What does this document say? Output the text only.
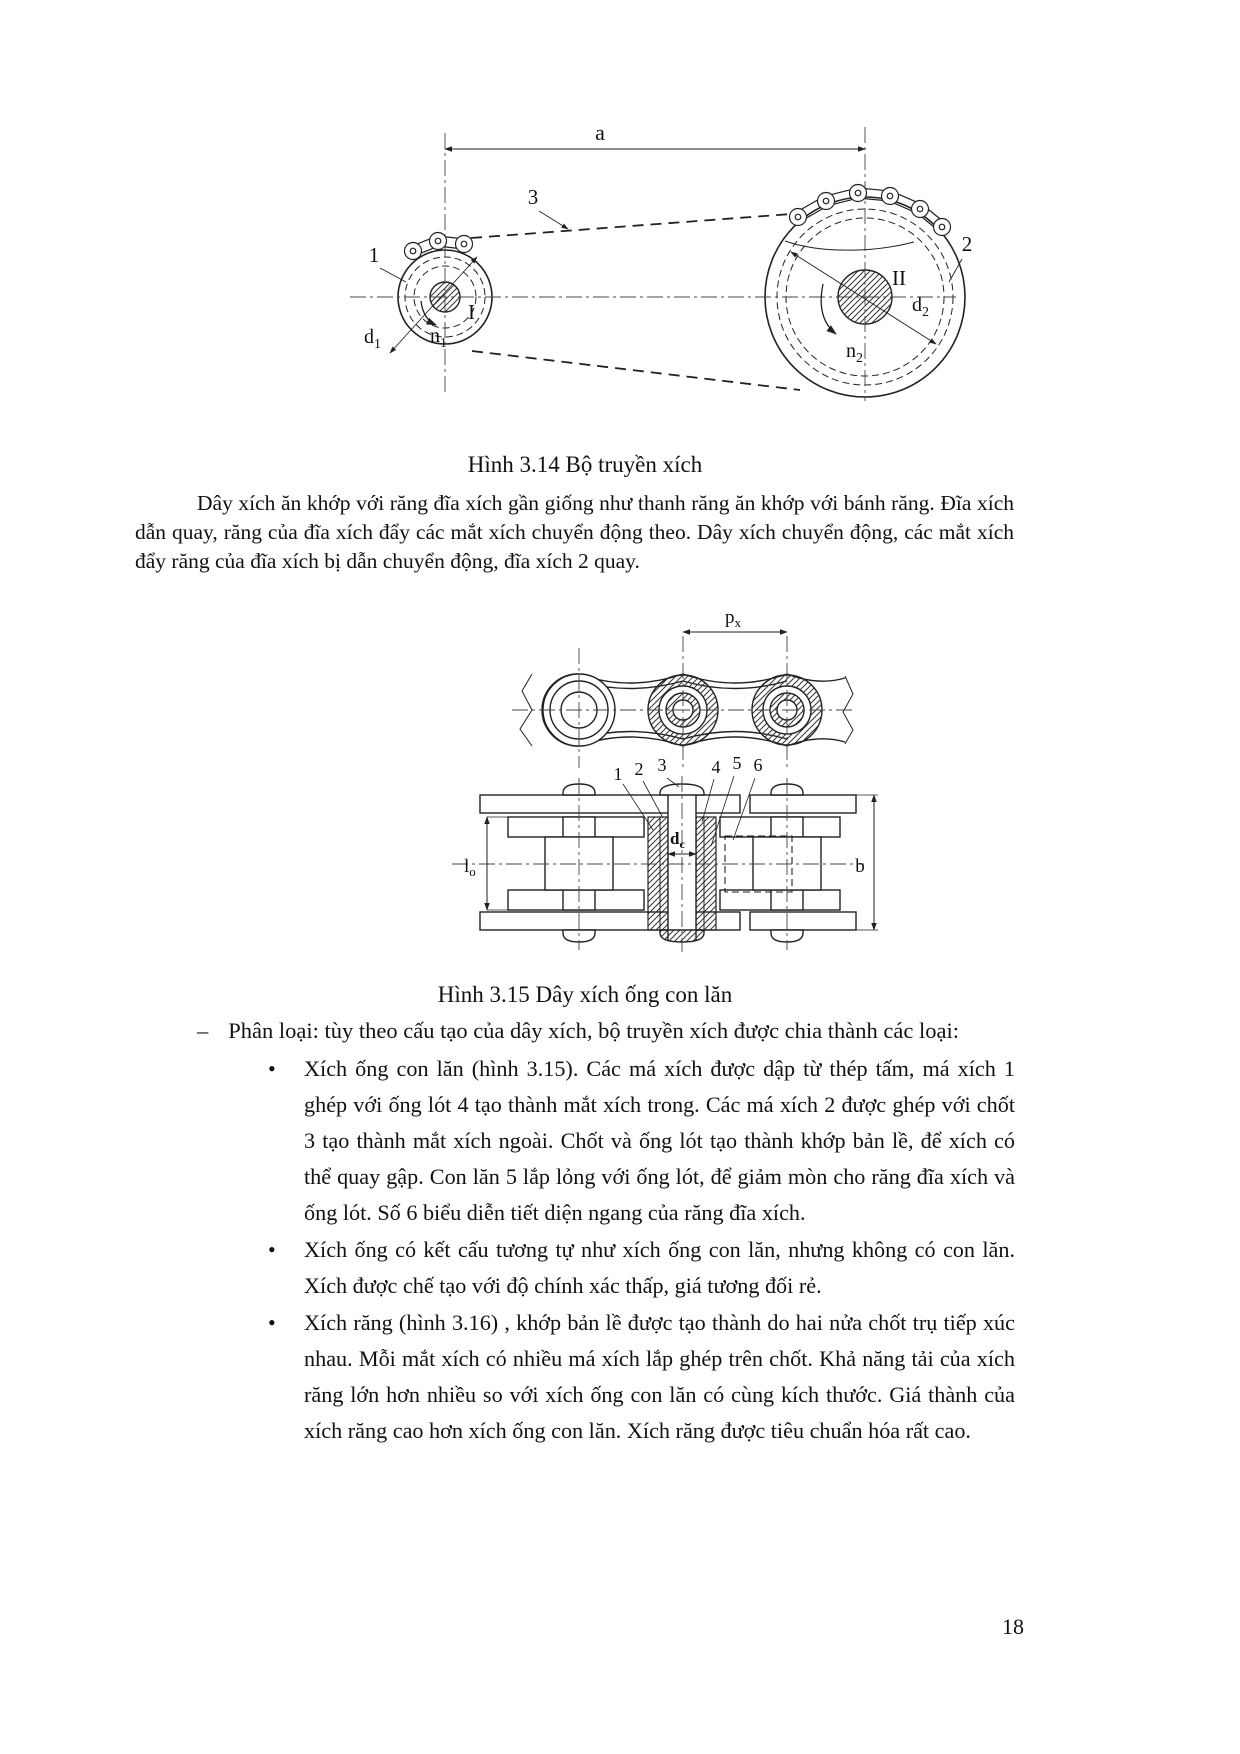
a
1	2
3
I
II
$d_1$ $n_1$
$d_2$
$n_2$
Hình 3.14 Bộ truyền xích
Dây xích ăn khớp với răng đĩa xích gần giống như thanh răng ăn khớp với bánh răng. Đĩa xích dẫn quay, răng của đĩa xích đẩy các mắt xích chuyển động theo. Dây xích chuyển động, các mắt xích đẩy răng của đĩa xích bị dẫn chuyển động, đĩa xích 2 quay.
$p_x$
$d_c$
$l_o$	b
1 2 3	4 5 6
Hình 3.15 Dây xích ống con lăn
– Phân loại: tùy theo cấu tạo của dây xích, bộ truyền xích được chia thành các loại:
• Xích ống con lăn (hình 3.15). Các má xích được dập từ thép tấm, má xích 1 ghép với ống lót 4 tạo thành mắt xích trong. Các má xích 2 được ghép với chốt 3 tạo thành mắt xích ngoài. Chốt và ống lót tạo thành khớp bản lề, để xích có thể quay gập. Con lăn 5 lắp lỏng với ống lót, để giảm mòn cho răng đĩa xích và ống lót. Số 6 biểu diễn tiết diện ngang của răng đĩa xích.
• Xích ống có kết cấu tương tự như xích ống con lăn, nhưng không có con lăn. Xích được chế tạo với độ chính xác thấp, giá tương đối rẻ.
• Xích răng (hình 3.16) , khớp bản lề được tạo thành do hai nửa chốt trụ tiếp xúc nhau. Mỗi mắt xích có nhiều má xích lắp ghép trên chốt. Khả năng tải của xích răng lớn hơn nhiều so với xích ống con lăn có cùng kích thước. Giá thành của xích răng cao hơn xích ống con lăn. Xích răng được tiêu chuẩn hóa rất cao.
18
